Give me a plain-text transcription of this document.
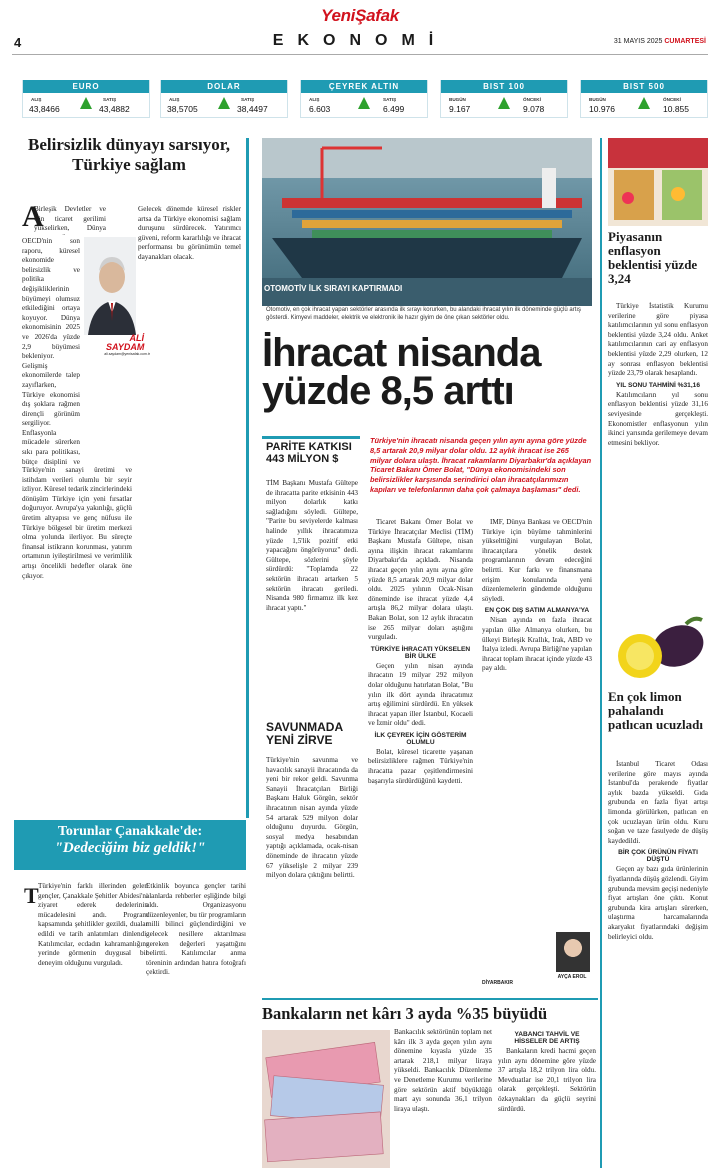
YeniŞafak
4	EKONOMİ	31 MAYIS 2025 CUMARTESİ
EURO
ALIŞ
43,8466
SATIŞ
43,4882
DOLAR
ALIŞ
38,5705
SATIŞ
38,4497
ÇEYREK ALTIN
ALIŞ
6.603
SATIŞ
6.499
BIST 100
BUGÜN
9.167
ÖNCEKİ
9.078
BIST 500
BUGÜN
10.976
ÖNCEKİ
10.855
Belirsizlik dünyayı sarsıyor, Türkiye sağlam
A
Birleşik Devletler ve Çin ticaret gerilimi yükselirken, Dünya
OECD'nin son raporu, küresel ekonomide belirsizlik ve politika değişikliklerinin büyümeyi olumsuz etkilediğini ortaya koyuyor. Dünya ekonomisinin 2025 ve 2026'da yüzde 2,9 büyümesi bekleniyor. Gelişmiş ekonomilerde talep zayıflarken, Türkiye ekonomisi dış şoklara rağmen dirençli görünüm sergiliyor. Enflasyonla mücadele sürerken sıkı para politikası, bütçe disiplini ve
ALİ
SAYDAM
ali.saydam@yenisafak.com.tr
Türkiye'nin sanayi üretimi ve istihdam verileri olumlu bir seyir izliyor. Küresel tedarik zincirlerindeki dönüşüm Türkiye için yeni fırsatlar doğuruyor. Avrupa'ya yakınlığı, güçlü üretim altyapısı ve genç nüfusu ile Türkiye bölgesel bir üretim merkezi olma yolunda ilerliyor. Bu süreçte finansal istikrarın korunması, yatırım ortamının iyileştirilmesi ve verimlilik artışı öncelikli hedefler olarak öne çıkıyor.
Gelecek dönemde küresel riskler artsa da Türkiye ekonomisi sağlam duruşunu sürdürecek. Yatırımcı güveni, reform kararlılığı ve ihracat performansı bu görünümün temel dayanakları olacak.
Torunlar Çanakkale'de:
"Dedeciğim biz geldik!"
T Türkiye'nin farklı illerinden gelen gençler, Çanakkale Şehitler Abidesi'ni ziyaret ederek dedelerinin mücadelesini andı. Program kapsamında şehitlikler gezildi, dualar edildi ve tarih anlatımları dinlendi. Katılımcılar, ecdadın kahramanlığını yerinde görmenin duygusal bir deneyim olduğunu vurguladı.
Etkinlik boyunca gençler tarihi alanlarda rehberler eşliğinde bilgi aldı. Organizasyonu düzenleyenler, bu tür programların milli bilinci güçlendirdiğini ve gelecek nesillere aktarılması gereken değerleri yaşattığını belirtti. Katılımcılar anma töreninin ardından hatıra fotoğrafı çektirdi.
OTOMOTİV İLK SIRAYI KAPTIRMADI
Otomotiv, en çok ihracat yapan sektörler arasında ilk sırayı korurken, bu alandaki ihracat yılın ilk döneminde güçlü artış gösterdi. Kimyevi maddeler, elektrik ve elektronik ile hazır giyim de öne çıkan sektörler oldu.
İhracat nisanda yüzde 8,5 arttı
Türkiye'nin ihracatı nisanda geçen yılın aynı ayına göre yüzde 8,5 artarak 20,9 milyar dolar oldu. 12 aylık ihracat ise 265 milyar dolara ulaştı. İhracat rakamlarını Diyarbakır'da açıklayan Ticaret Bakanı Ömer Bolat, "Dünya ekonomisindeki son belirsizlikler karşısında serindirici olan ihracatçılarımızın kapıları ve telefonlarının daha çok çalmaya başlaması" dedi.
PARİTE KATKISI 443 MİLYON $
TİM Başkanı Mustafa Gültepe de ihracatta parite etkisinin 443 milyon dolarlık katkı sağladığını söyledi. Gültepe, "Parite bu seviyelerde kalması halinde yıllık ihracatımıza yüzde 1,5'lik pozitif etki yapacağını öngörüyoruz" dedi. Gültepe, sözlerini şöyle sürdürdü: "Toplamda 22 sektörün ihracatı artarken 5 sektörün ihracatı geriledi. Nisanda 980 firmamız ilk kez ihracat yaptı."
SAVUNMADA YENİ ZİRVE
Türkiye'nin savunma ve havacılık sanayii ihracatında da yeni bir rekor geldi. Savunma Sanayii İhracatçıları Birliği Başkanı Haluk Görgün, sektör ihracatının nisan ayında yüzde 54 artarak 529 milyon dolar olduğunu duyurdu. Görgün, sosyal medya hesabından yaptığı açıklamada, ocak-nisan döneminde de ihracatın yüzde 67 yükselişle 2 milyar 239 milyon dolara çıktığını belirtti.

Ticaret Bakanı Ömer Bolat ve Türkiye İhracatçılar Meclisi (TİM) Başkanı Mustafa Gültepe, nisan ayına ilişkin ihracat rakamlarını Diyarbakır'da açıkladı. Nisanda ihracat geçen yılın aynı ayına göre yüzde 8,5 artarak 20,9 milyar dolar oldu. 2025 yılının Ocak-Nisan döneminde ise ihracat yüzde 4,4 artışla 86,2 milyar dolara ulaştı. Bakan Bolat, son 12 aylık ihracatın ise 265 milyar doları aştığını vurguladı.

TÜRKİYE İHRACATI YÜKSELEN BİR ÜLKE

Geçen yılın nisan ayında ihracatın 19 milyar 292 milyon dolar olduğunu hatırlatan Bolat, "Bu yılın ilk dört ayında ihracatımız artış eğilimini sürdürdü. En yüksek ihracat yapan iller İstanbul, Kocaeli ve İzmir oldu" dedi.

İLK ÇEYREK İÇİN GÖSTERİM OLUMLU

Bolat, küresel ticarette yaşanan belirsizliklere rağmen Türkiye'nin ihracatta pazar çeşitlendirmesini başarıyla sürdürdüğünü kaydetti.

IMF, Dünya Bankası ve OECD'nin Türkiye için büyüme tahminlerini yükselttiğini vurgulayan Bolat, ihracatçılara yönelik destek programlarının devam edeceğini belirtti. Kur farkı ve finansmana erişim konularında yeni düzenlemelerin gündemde olduğunu söyledi.

EN ÇOK DIŞ SATIM ALMANYA'YA

Nisan ayında en fazla ihracat yapılan ülke Almanya olurken, bu ülkeyi Birleşik Krallık, Irak, ABD ve İtalya izledi. Avrupa Birliği'ne yapılan ihracat toplam ihracat içinde yüzde 43 pay aldı.

AYÇA EROL
DİYARBAKIR
Bankaların net kârı 3 ayda %35 büyüdü
Bankacılık sektörünün toplam net kârı ilk 3 ayda geçen yılın aynı dönemine kıyasla yüzde 35 artarak 218,1 milyar liraya yükseldi. Bankacılık Düzenleme ve Denetleme Kurumu verilerine göre sektörün aktif büyüklüğü mart ayı sonunda 36,1 trilyon liraya ulaştı.
YABANCI TAHVİL VE HİSSELER DE ARTIŞ

Bankaların kredi hacmi geçen yılın aynı dönemine göre yüzde 37 artışla 18,2 trilyon lira oldu. Mevduatlar ise 20,1 trilyon lira olarak gerçekleşti. Sektörün özkaynakları da güçlü seyrini sürdürdü.

Piyasanın enflasyon beklentisi yüzde 3,24

Türkiye İstatistik Kurumu verilerine göre piyasa katılımcılarının yıl sonu enflasyon beklentisi yüzde 3,24 oldu. Anket katılımcılarının cari ay enflasyon beklentisi yüzde 2,29 olurken, 12 ay sonrası enflasyon beklentisi yüzde 23,79 olarak hesaplandı.

YIL SONU TAHMİNİ %31,16

Katılımcıların yıl sonu enflasyon beklentisi yüzde 31,16 seviyesinde gerçekleşti. Ekonomistler enflasyonun yılın ikinci yarısında gerilemeye devam etmesini bekliyor.

En çok limon pahalandı patlıcan ucuzladı

İstanbul Ticaret Odası verilerine göre mayıs ayında İstanbul'da perakende fiyatlar aylık bazda yükseldi. Gıda grubunda en fazla fiyat artışı limonda görülürken, patlıcan en çok ucuzlayan ürün oldu. Kuru soğan ve taze fasulyede de düşüş kaydedildi.

BİR ÇOK ÜRÜNÜN FİYATI DÜŞTÜ

Geçen ay bazı gıda ürünlerinin fiyatlarında düşüş gözlendi. Giyim grubunda mevsim geçişi nedeniyle fiyat artışları öne çıktı. Konut grubunda kira artışları sürerken, ulaştırma harcamalarında akaryakıt fiyatlarındaki değişim belirleyici oldu.
